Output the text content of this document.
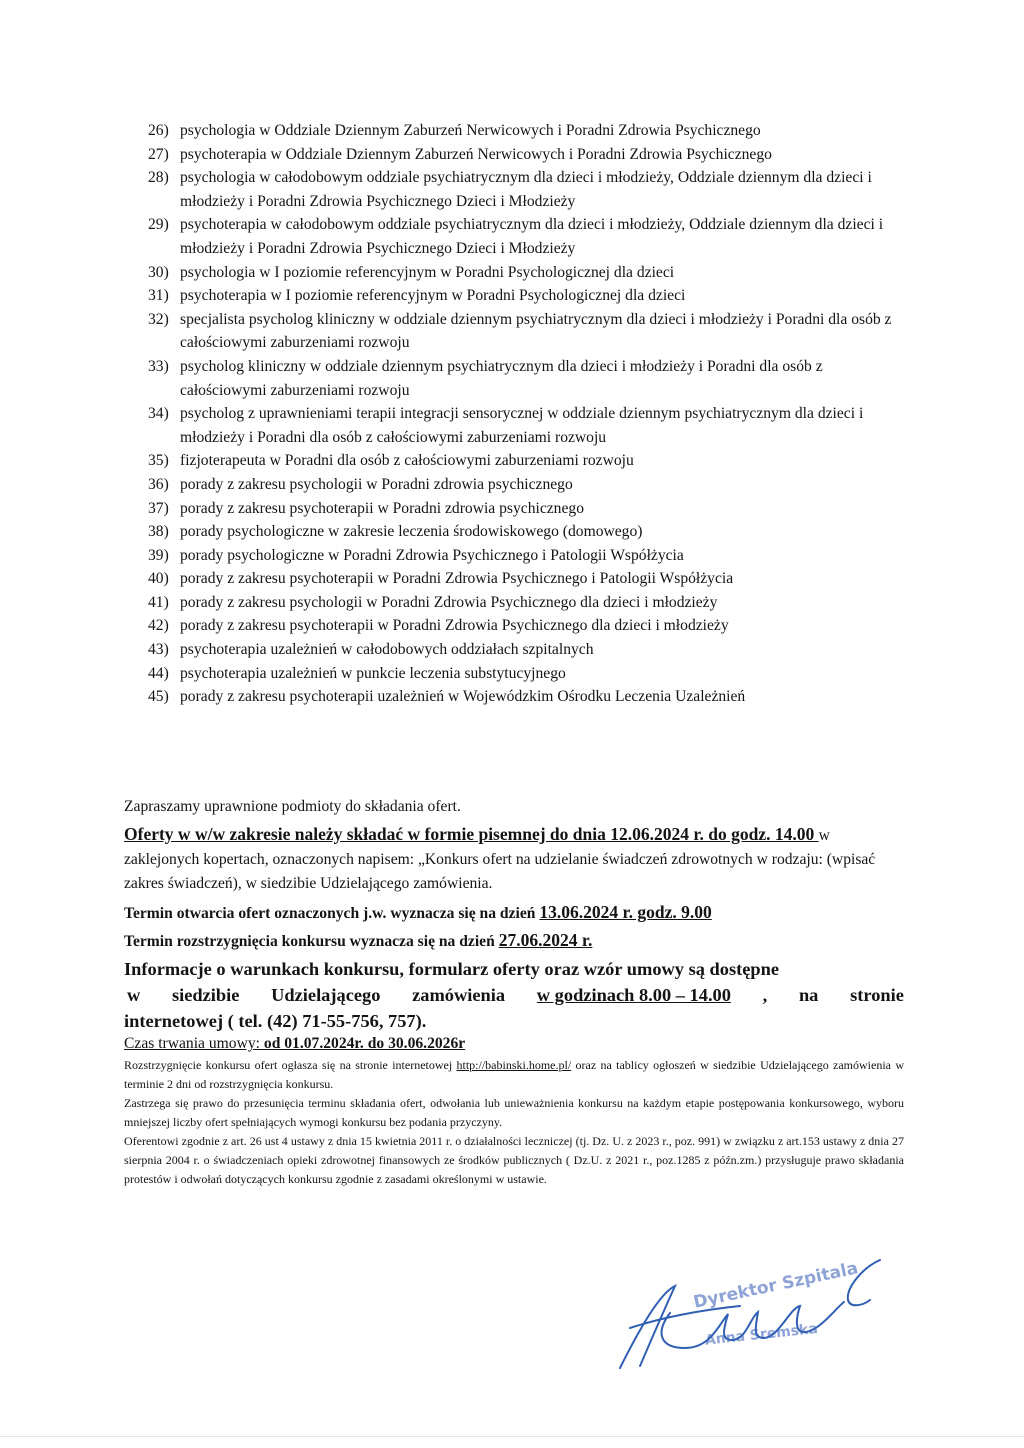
26) psychologia w Oddziale Dziennym Zaburzeń Nerwicowych i Poradni Zdrowia Psychicznego
27) psychoterapia w Oddziale Dziennym Zaburzeń Nerwicowych i Poradni Zdrowia Psychicznego
28) psychologia w całodobowym oddziale psychiatrycznym dla dzieci i młodzieży, Oddziale dziennym dla dzieci i młodzieży i Poradni Zdrowia Psychicznego Dzieci i Młodzieży
29) psychoterapia w całodobowym oddziale psychiatrycznym dla dzieci i młodzieży, Oddziale dziennym dla dzieci i młodzieży i Poradni Zdrowia Psychicznego Dzieci i Młodzieży
30) psychologia w I poziomie referencyjnym w Poradni Psychologicznej dla dzieci
31) psychoterapia w I poziomie referencyjnym w Poradni Psychologicznej dla dzieci
32) specjalista psycholog kliniczny w oddziale dziennym psychiatrycznym dla dzieci i młodzieży i Poradni dla osób z całościowymi zaburzeniami rozwoju
33) psycholog kliniczny w oddziale dziennym psychiatrycznym dla dzieci i młodzieży i Poradni dla osób z całościowymi zaburzeniami rozwoju
34) psycholog z uprawnieniami terapii integracji sensorycznej w oddziale dziennym psychiatrycznym dla dzieci i młodzieży i Poradni dla osób z całościowymi zaburzeniami rozwoju
35) fizjoterapeuta w Poradni dla osób z całościowymi zaburzeniami rozwoju
36) porady z zakresu psychologii w Poradni zdrowia psychicznego
37) porady z zakresu psychoterapii w Poradni zdrowia psychicznego
38) porady psychologiczne w zakresie leczenia środowiskowego (domowego)
39) porady psychologiczne w Poradni Zdrowia Psychicznego i Patologii Współżycia
40) porady z zakresu psychoterapii w Poradni Zdrowia Psychicznego i Patologii Współżycia
41) porady z zakresu psychologii w Poradni Zdrowia Psychicznego dla dzieci i młodzieży
42) porady z zakresu psychoterapii w Poradni Zdrowia Psychicznego dla dzieci i młodzieży
43) psychoterapia uzależnień w całodobowych oddziałach szpitalnych
44) psychoterapia uzależnień w punkcie leczenia substytucyjnego
45) porady z zakresu psychoterapii uzależnień w Wojewódzkim Ośrodku Leczenia Uzależnień
Zapraszamy uprawnione podmioty do składania ofert.
Oferty w w/w zakresie należy składać w formie pisemnej do dnia 12.06.2024 r. do godz. 14.00 w zaklejonych kopertach, oznaczonych napisem: „Konkurs ofert na udzielanie świadczeń zdrowotnych w rodzaju: (wpisać zakres świadczeń), w siedzibie Udzielającego zamówienia.
Termin otwarcia ofert oznaczonych j.w. wyznacza się na dzień 13.06.2024 r. godz. 9.00
Termin rozstrzygnięcia konkursu wyznacza się na dzień 27.06.2024 r.
Informacje o warunkach konkursu, formularz oferty oraz wzór umowy są dostępne
w siedzibie Udzielającego zamówienia w godzinach 8.00 – 14.00 , na stronie
internetowej ( tel. (42) 71-55-756, 757).
Czas trwania umowy: od 01.07.2024r. do 30.06.2026r

Rozstrzygnięcie konkursu ofert ogłasza się na stronie internetowej http://babinski.home.pl/ oraz na tablicy ogłoszeń w siedzibie Udzielającego zamówienia w terminie 2 dni od rozstrzygnięcia konkursu.

Zastrzega się prawo do przesunięcia terminu składania ofert, odwołania lub unieważnienia konkursu na każdym etapie postępowania konkursowego, wyboru mniejszej liczby ofert spełniających wymogi konkursu bez podania przyczyny.

Oferentowi zgodnie z art. 26 ust 4 ustawy z dnia 15 kwietnia 2011 r. o działalności leczniczej (tj. Dz. U. z 2023 r., poz. 991) w związku z art.153 ustawy z dnia 27 sierpnia 2004 r. o świadczeniach opieki zdrowotnej finansowych ze środków publicznych ( Dz.U. z 2021 r., poz.1285 z późn.zm.) przysługuje prawo składania protestów i odwołań dotyczących konkursu zgodnie z zasadami określonymi w ustawie.

Dyrektor Szpitala
Anna Sremska
